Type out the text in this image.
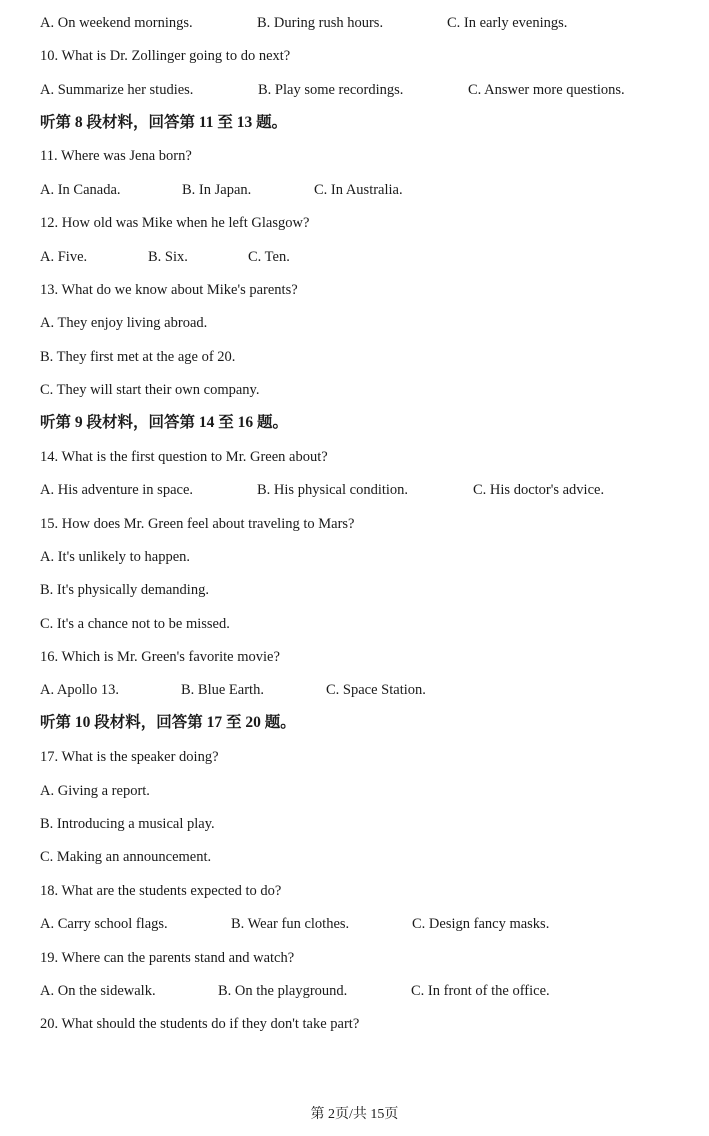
A. On weekend mornings.	B. During rush hours.	C. In early evenings.
10. What is Dr. Zollinger going to do next?
A. Summarize her studies.	B. Play some recordings.	C. Answer more questions.
听第 8 段材料，回答第 11 至 13 题。
11. Where was Jena born?
A. In Canada.	B. In Japan.	C. In Australia.
12. How old was Mike when he left Glasgow?
A. Five.	B. Six.	C. Ten.
13. What do we know about Mike's parents?
A. They enjoy living abroad.
B. They first met at the age of 20.
C. They will start their own company.
听第 9 段材料，回答第 14 至 16 题。
14. What is the first question to Mr. Green about?
A. His adventure in space.	B. His physical condition.	C. His doctor's advice.
15. How does Mr. Green feel about traveling to Mars?
A. It's unlikely to happen.
B. It's physically demanding.
C. It's a chance not to be missed.
16. Which is Mr. Green's favorite movie?
A. Apollo 13.	B. Blue Earth.	C. Space Station.
听第 10 段材料，回答第 17 至 20 题。
17. What is the speaker doing?
A. Giving a report.
B. Introducing a musical play.
C. Making an announcement.
18. What are the students expected to do?
A. Carry school flags.	B. Wear fun clothes.	C. Design fancy masks.
19. Where can the parents stand and watch?
A. On the sidewalk.	B. On the playground.	C. In front of the office.
20. What should the students do if they don't take part?
第 2页/共 15页
